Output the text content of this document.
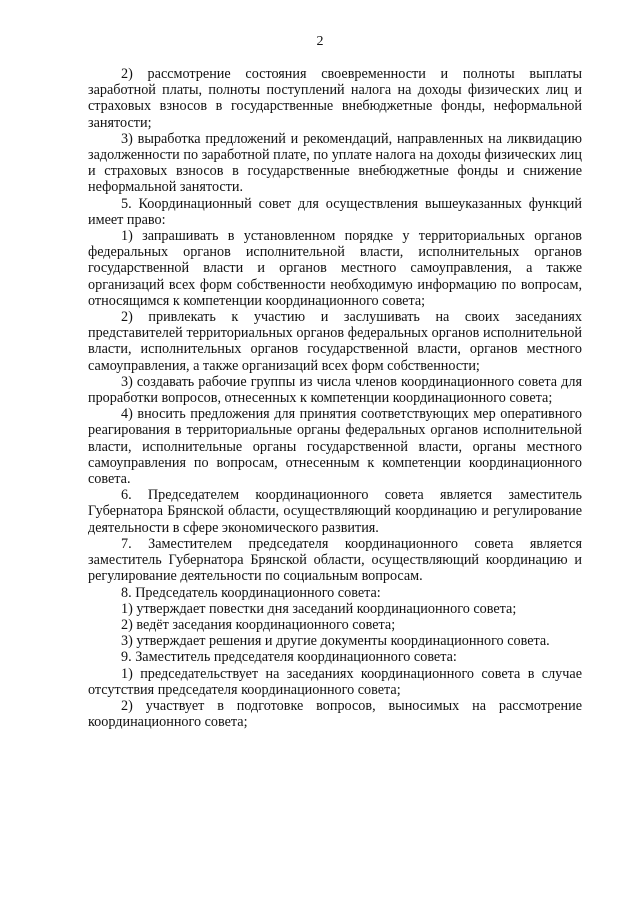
2

2) рассмотрение состояния своевременности и полноты выплаты заработной платы, полноты поступлений налога на доходы физических лиц и страховых взносов в государственные внебюджетные фонды, неформальной занятости;

3) выработка предложений и рекомендаций, направленных на ликвидацию задолженности по заработной плате, по уплате налога на доходы физических лиц и страховых взносов в государственные внебюджетные фонды и снижение неформальной занятости.

5. Координационный совет для осуществления вышеуказанных функций имеет право:

1) запрашивать в установленном порядке у территориальных органов федеральных органов исполнительной власти, исполнительных органов государственной власти и органов местного самоуправления, а также организаций всех форм собственности необходимую информацию по вопросам, относящимся к компетенции координационного совета;

2) привлекать к участию и заслушивать на своих заседаниях представителей территориальных органов федеральных органов исполнительной власти, исполнительных органов государственной власти, органов местного самоуправления, а также организаций всех форм собственности;

3) создавать рабочие группы из числа членов координационного совета для проработки вопросов, отнесенных к компетенции координационного совета;

4) вносить предложения для принятия соответствующих мер оперативного реагирования в территориальные органы федеральных органов исполнительной власти, исполнительные органы государственной власти, органы местного самоуправления по вопросам, отнесенным к компетенции координационного совета.

6. Председателем координационного совета является заместитель Губернатора Брянской области, осуществляющий координацию и регулирование деятельности в сфере экономического развития.

7. Заместителем председателя координационного совета является заместитель Губернатора Брянской области, осуществляющий координацию и регулирование деятельности по социальным вопросам.

8. Председатель координационного совета:

1) утверждает повестки дня заседаний координационного совета;

2) ведёт заседания координационного совета;

3) утверждает решения и другие документы координационного совета.

9. Заместитель председателя координационного совета:

1) председательствует на заседаниях координационного совета в случае отсутствия председателя координационного совета;

2) участвует в подготовке вопросов, выносимых на рассмотрение координационного совета;
